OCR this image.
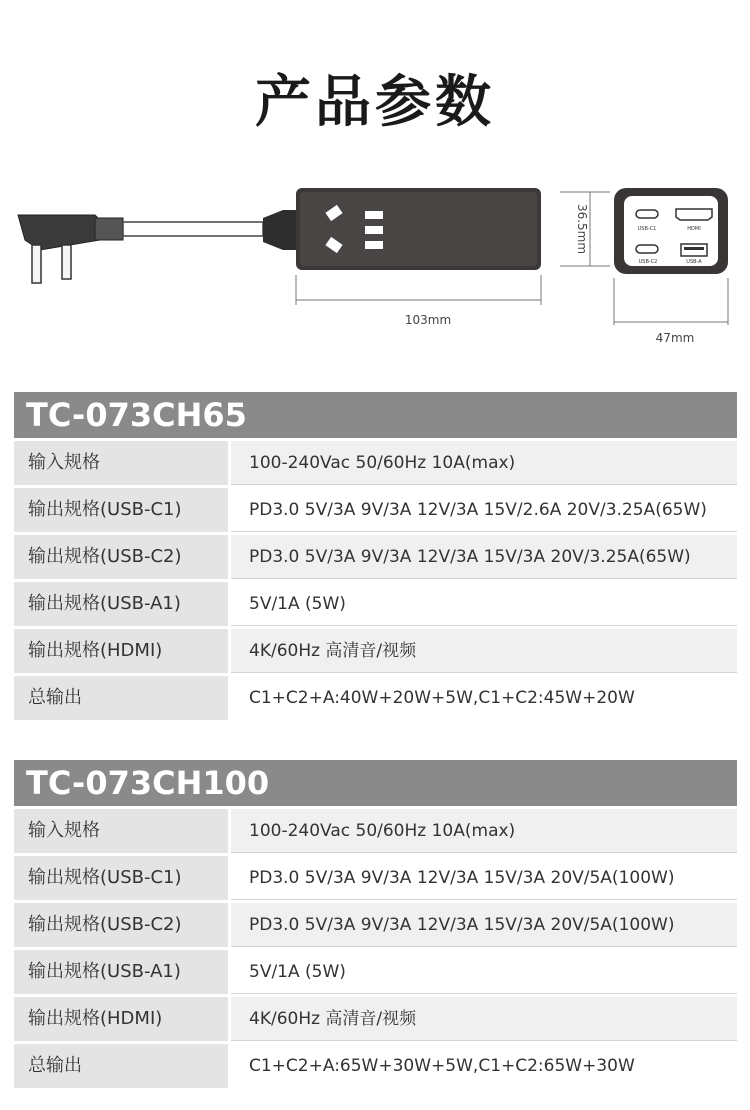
产品参数
103mm
36.5mm	USB-C1	HDMI
USB-C2	USB-A
47mm
TC-073CH65
输入规格	100-240Vac 50/60Hz 10A(max)
输出规格(USB-C1)	PD3.0 5V/3A 9V/3A 12V/3A 15V/2.6A 20V/3.25A(65W)
输出规格(USB-C2)	PD3.0 5V/3A 9V/3A 12V/3A 15V/3A 20V/3.25A(65W)
输出规格(USB-A1)	5V/1A (5W)
输出规格(HDMI)	4K/60Hz 高清音/视频
总输出	C1+C2+A:40W+20W+5W,C1+C2:45W+20W
TC-073CH100
输入规格	100-240Vac 50/60Hz 10A(max)
输出规格(USB-C1)	PD3.0 5V/3A 9V/3A 12V/3A 15V/3A 20V/5A(100W)
输出规格(USB-C2)	PD3.0 5V/3A 9V/3A 12V/3A 15V/3A 20V/5A(100W)
输出规格(USB-A1)	5V/1A (5W)
输出规格(HDMI)	4K/60Hz 高清音/视频
总输出	C1+C2+A:65W+30W+5W,C1+C2:65W+30W
